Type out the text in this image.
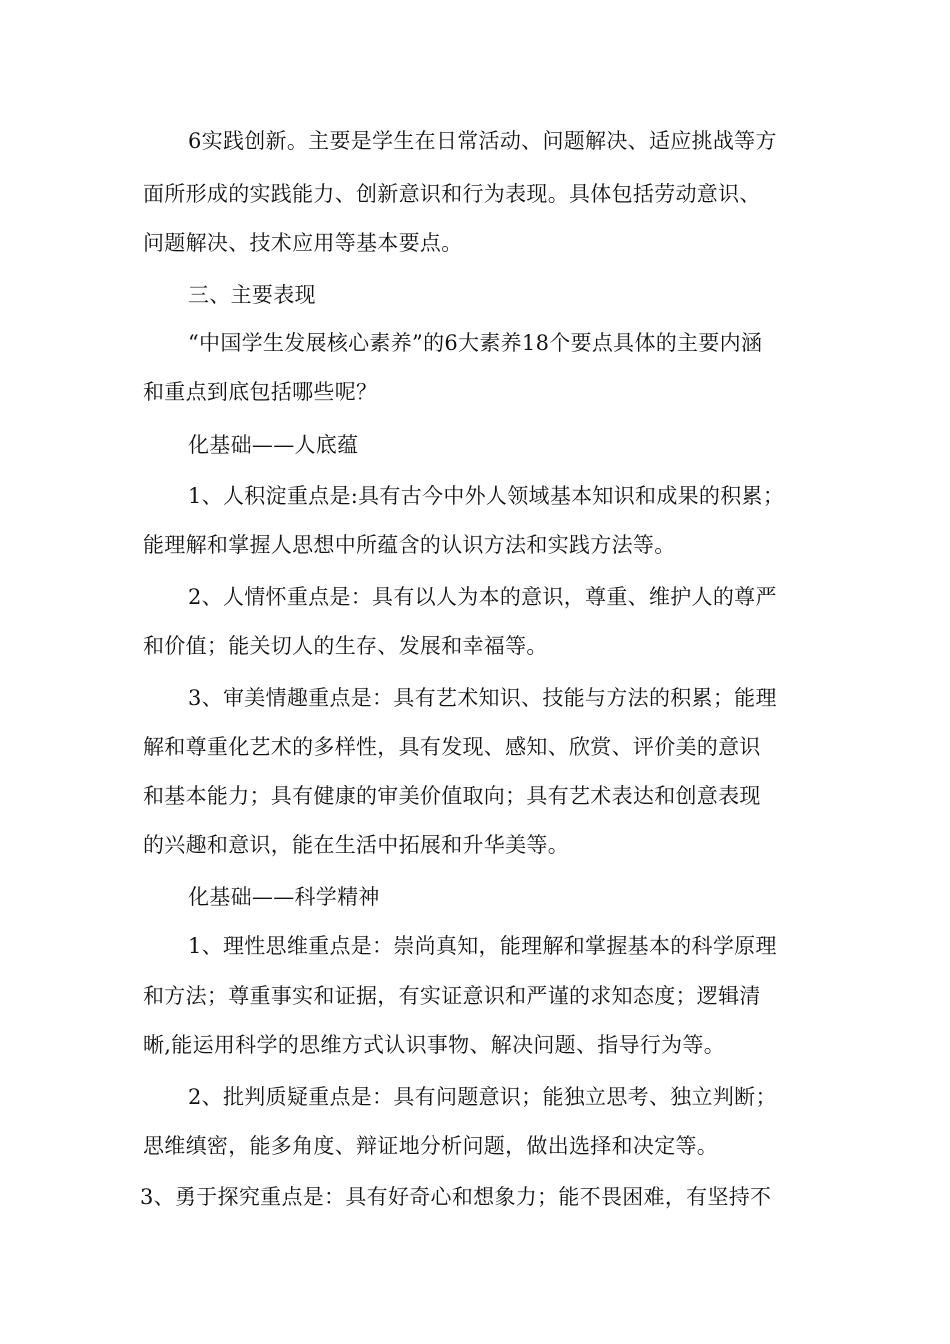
6实践创新。主要是学生在日常活动、问题解决、适应挑战等方
面所形成的实践能力、创新意识和行为表现。具体包括劳动意识、
问题解决、技术应用等基本要点。
三、主要表现
“中国学生发展核心素养”的6大素养18个要点具体的主要内涵
和重点到底包括哪些呢？
化基础——人底蕴
1、人积淀重点是:具有古今中外人领域基本知识和成果的积累；
能理解和掌握人思想中所蕴含的认识方法和实践方法等。
2、人情怀重点是：具有以人为本的意识，尊重、维护人的尊严
和价值；能关切人的生存、发展和幸福等。
3、审美情趣重点是：具有艺术知识、技能与方法的积累；能理
解和尊重化艺术的多样性，具有发现、感知、欣赏、评价美的意识
和基本能力；具有健康的审美价值取向；具有艺术表达和创意表现
的兴趣和意识，能在生活中拓展和升华美等。
化基础——科学精神
1、理性思维重点是：崇尚真知，能理解和掌握基本的科学原理
和方法；尊重事实和证据，有实证意识和严谨的求知态度；逻辑清
晰,能运用科学的思维方式认识事物、解决问题、指导行为等。
2、批判质疑重点是：具有问题意识；能独立思考、独立判断；
思维缜密，能多角度、辩证地分析问题，做出选择和决定等。
3、勇于探究重点是：具有好奇心和想象力；能不畏困难，有坚持不
